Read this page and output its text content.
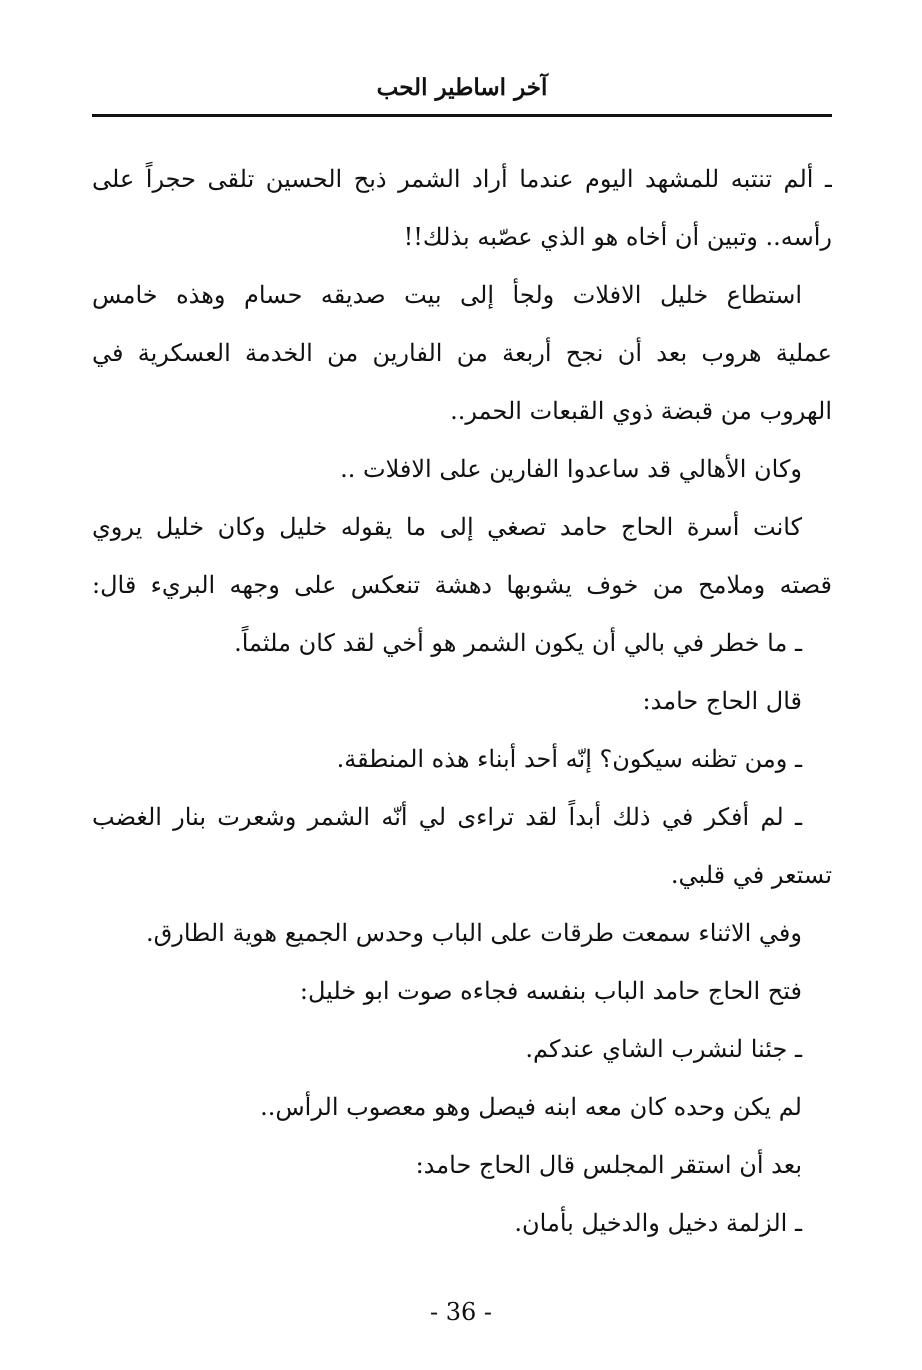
آخر اساطير الحب
ـ ألم تنتبه للمشهد اليوم عندما أراد الشمر ذبح الحسين تلقى حجراً على
رأسه.. وتبين أن أخاه هو الذي عصّبه بذلك!!
استطاع خليل الافلات ولجأ إلى بيت صديقه حسام وهذه خامس
عملية هروب بعد أن نجح أربعة من الفارين من الخدمة العسكرية في
الهروب من قبضة ذوي القبعات الحمر..
وكان الأهالي قد ساعدوا الفارين على الافلات ..
كانت أسرة الحاج حامد تصغي إلى ما يقوله خليل وكان خليل يروي
قصته وملامح من خوف يشوبها دهشة تنعكس على وجهه البريء قال:
ـ ما خطر في بالي أن يكون الشمر هو أخي لقد كان ملثماً.
قال الحاج حامد:
ـ ومن تظنه سيكون؟ إنّه أحد أبناء هذه المنطقة.
ـ لم أفكر في ذلك أبداً لقد تراءى لي أنّه الشمر وشعرت بنار الغضب
تستعر في قلبي.
وفي الاثناء سمعت طرقات على الباب وحدس الجميع هوية الطارق.
فتح الحاج حامد الباب بنفسه فجاءه صوت ابو خليل:
ـ جئنا لنشرب الشاي عندكم.
لم يكن وحده كان معه ابنه فيصل وهو معصوب الرأس..
بعد أن استقر المجلس قال الحاج حامد:
ـ الزلمة دخيل والدخيل بأمان.
- 36 -
